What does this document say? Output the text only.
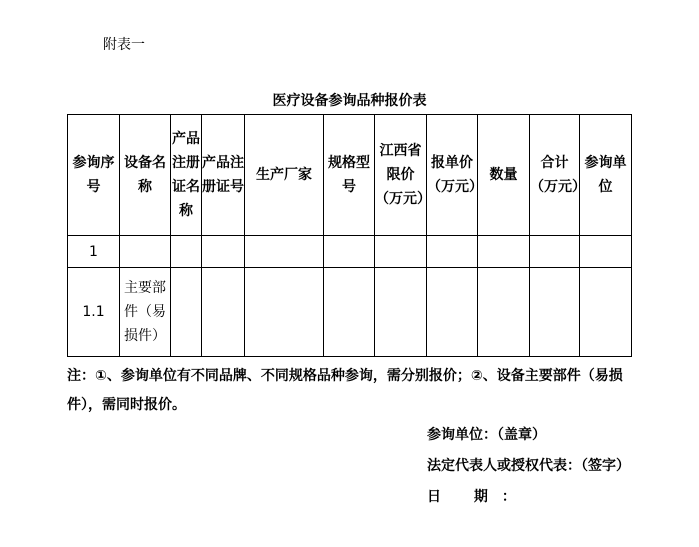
附表一
医疗设备参询品种报价表
参询序号	设备名称	产品注册证名称	产品注册证号	生产厂家	规格型号	江西省限价（万元）	报单价（万元）	数量	合计（万元）	参询单位
1										
1.1	主要部件（易损件）									
注：①、参询单位有不同品牌、不同规格品种参询，需分别报价；②、设备主要部件（易损件），需同时报价。
参询单位：（盖章）
法定代表人或授权代表：（签字）
日 期：
